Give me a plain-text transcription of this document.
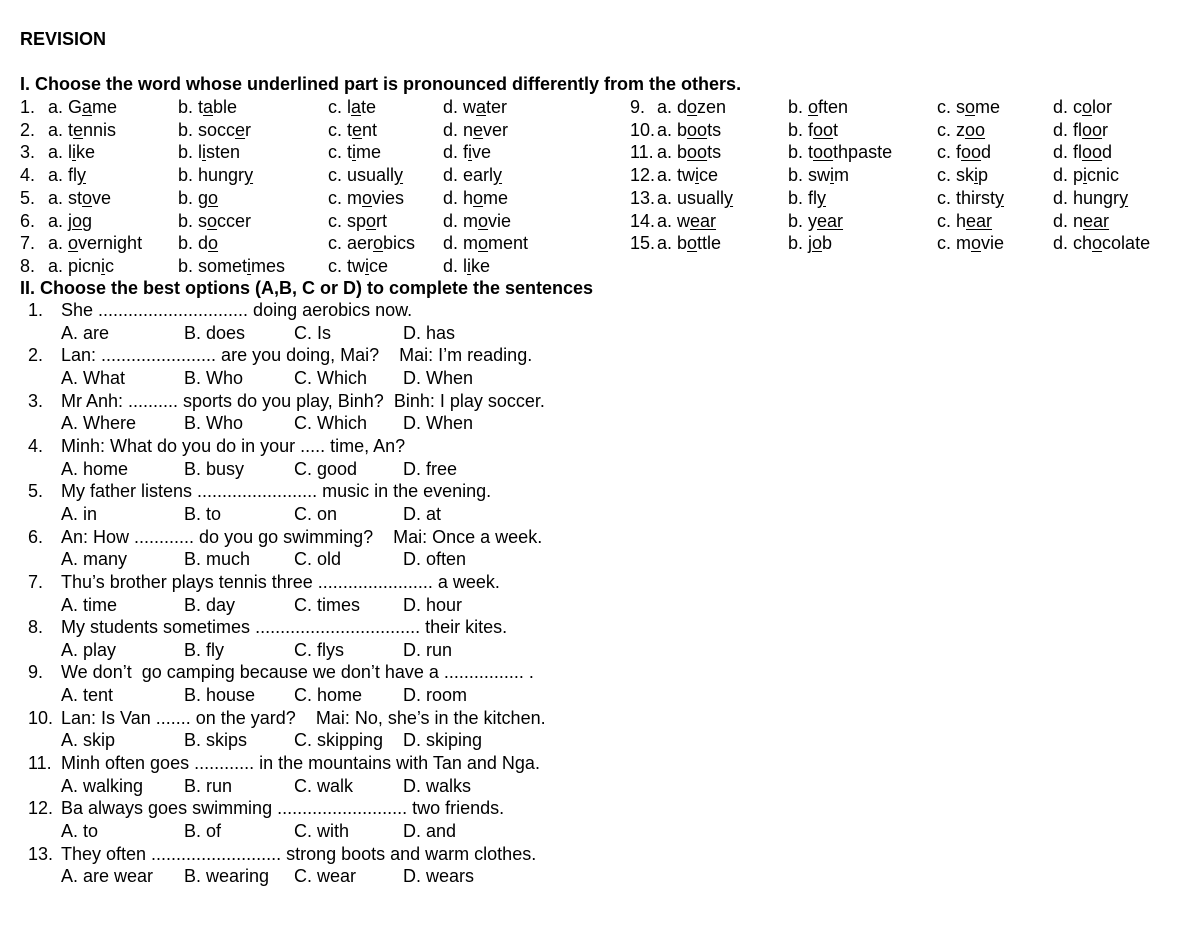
REVISION
I. Choose the word whose underlined part is pronounced differently from the others.
1. a. Game	b. table	c. late	d. water
2. a. tennis	b. soccer	c. tent	d. never
3. a. like	b. listen	c. time	d. five
4. a. fly	b. hungry	c. usually d. early
5. a. stove	b. go	c. movies d. home
6. a. jog	b. soccer	c. sport	d. movie
7. a. overnight b. do	c. aerobics d. moment
8. a. picnic	b. sometimes c. twice	d. like
9. a. dozen	b. often	c. some	d. color
10. a. boots	b. foot	c. zoo	d. floor
11. a. boots	b. toothpaste c. food	d. flood
12. a. twice	b. swim	c. skip	d. picnic
13. a. usually	b. fly	c. thirsty	d. hungry
14. a. wear	b. year	c. hear	d. near
15. a. bottle	b. job	c. movie	d. chocolate
II. Choose the best options (A,B, C or D) to complete the sentences
1. She .............................. doing aerobics now.
A. are	B. does	C. Is	D. has
2. Lan: ....................... are you doing, Mai?    Mai: I’m reading.
A. What	B. Who	C. Which D. When
3. Mr Anh: .......... sports do you play, Binh?  Binh: I play soccer.
A. Where	B. Who	C. Which D. When
4. Minh: What do you do in your ..... time, An?
A. home	B. busy	C. good	D. free
5. My father listens ........................ music in the evening.
A. in	B. to	C. on	D. at
6. An: How ............ do you go swimming?    Mai: Once a week.
A. many	B. much C. old	D. often
7. Thu’s brother plays tennis three ....................... a week.
A. time	B. day	C. times D. hour
8. My students sometimes ................................. their kites.
A. play	B. fly	C. flys	D. run
9. We don’t  go camping because we don’t have a ................ .
A. tent	B. house C. home D. room
10. Lan: Is Van ....... on the yard?    Mai: No, she’s in the kitchen.
A. skip	B. skips	C. skipping D. skiping
11. Minh often goes ............ in the mountains with Tan and Nga.
A. walking B. run	C. walk	D. walks
12. Ba always goes swimming .......................... two friends.
A. to	B. of	C. with	D. and
13. They often .......................... strong boots and warm clothes.
A. are wear B. wearing C. wear	D. wears
